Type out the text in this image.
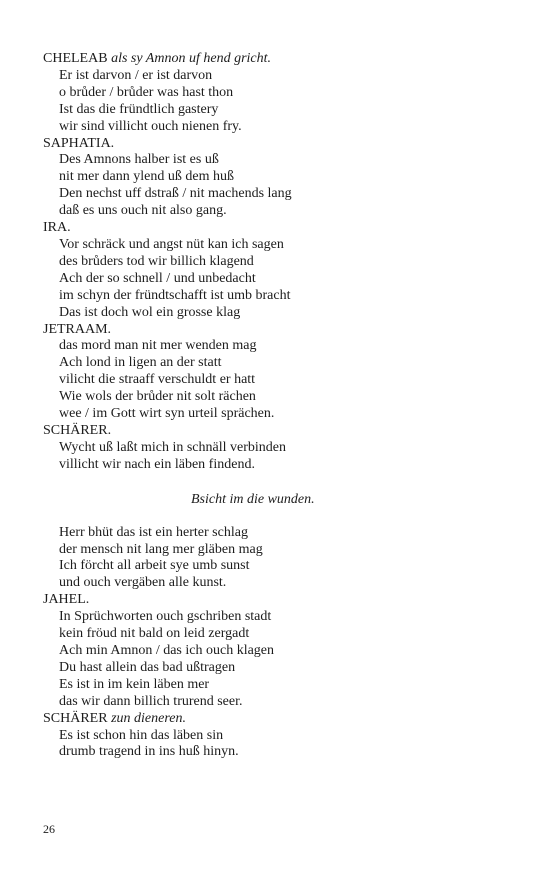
CHELEAB als sy Amnon uf hend gricht.
Er ist darvon / er ist darvon
o brůder / brůder was hast thon
Ist das die fründtlich gastery
wir sind villicht ouch nienen fry.
SAPHATIA.
Des Amnons halber ist es uß
nit mer dann ylend uß dem huß
Den nechst uff dstraß / nit machends lang
daß es uns ouch nit also gang.
IRA.
Vor schräck und angst nüt kan ich sagen
des brůders tod wir billich klagend
Ach der so schnell / und unbedacht
im schyn der fründtschafft ist umb bracht
Das ist doch wol ein grosse klag
JETRAAM.
das mord man nit mer wenden mag
Ach lond in ligen an der statt
vilicht die straaff verschuldt er hatt
Wie wols der brůder nit solt rächen
wee / im Gott wirt syn urteil sprächen.
SCHÄRER.
Wycht uß laßt mich in schnäll verbinden
villicht wir nach ein läben findend.
Bsicht im die wunden.
Herr bhüt das ist ein herter schlag
der mensch nit lang mer gläben mag
Ich förcht all arbeit sye umb sunst
und ouch vergäben alle kunst.
JAHEL.
In Sprüchworten ouch gschriben stadt
kein fröud nit bald on leid zergadt
Ach min Amnon / das ich ouch klagen
Du hast allein das bad ußtragen
Es ist in im kein läben mer
das wir dann billich trurend seer.
SCHÄRER zun dieneren.
Es ist schon hin das läben sin
drumb tragend in ins huß hinyn.
26
